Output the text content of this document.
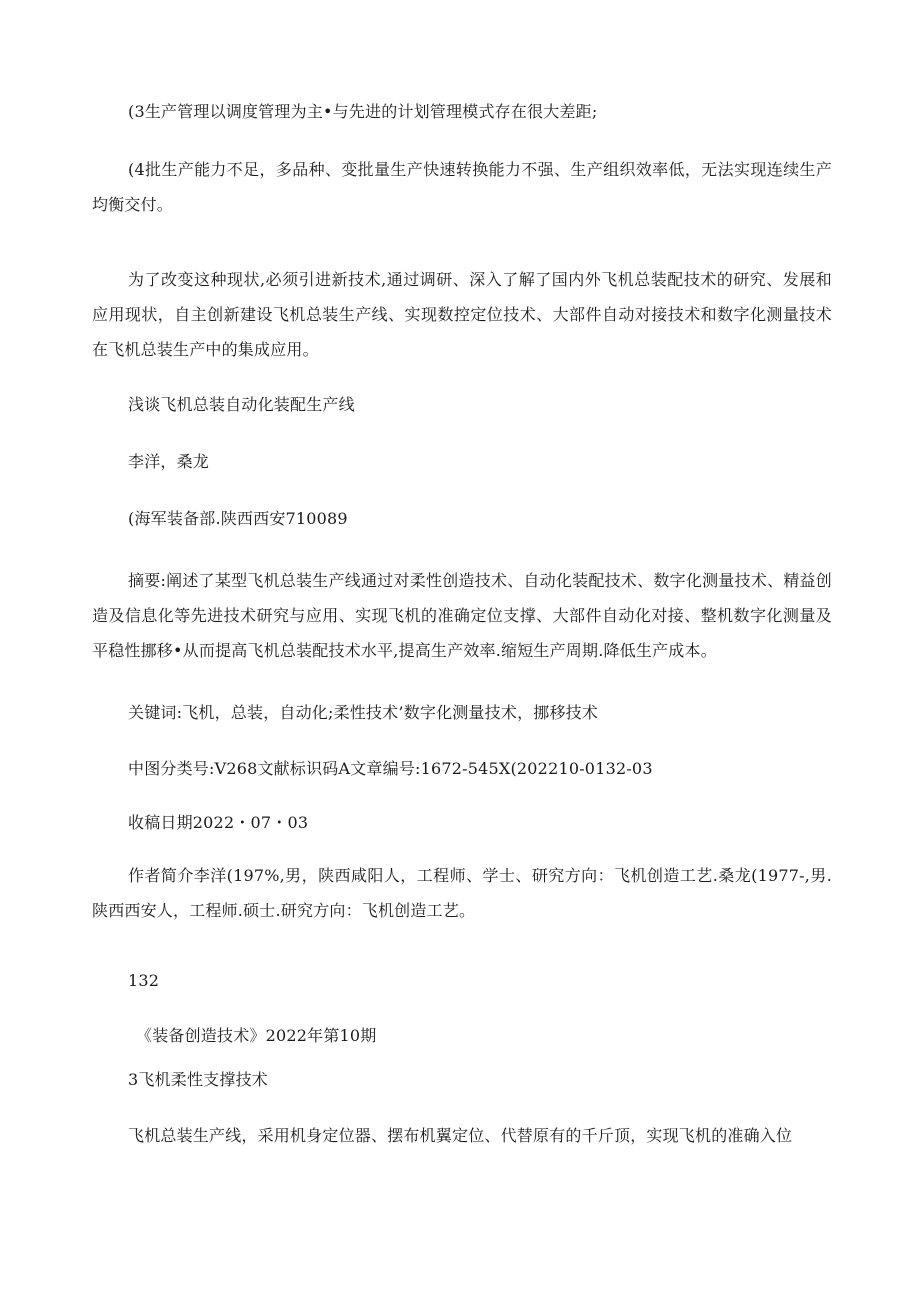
(3生产管理以调度管理为主•与先进的计划管理模式存在很大差距;
(4批生产能力不足，多品种、变批量生产快速转换能力不强、生产组织效率低，无法实现连续生产均衡交付。
为了改变这种现状,必须引进新技术,通过调研、深入了解了国内外飞机总装配技术的研究、发展和应用现状，自主创新建设飞机总装生产线、实现数控定位技术、大部件自动对接技术和数字化测量技术在飞机总装生产中的集成应用。
浅谈飞机总装自动化装配生产线
李洋，桑龙
(海军装备部.陕西西安710089
摘要:阐述了某型飞机总装生产线通过对柔性创造技术、自动化装配技术、数字化测量技术、精益创造及信息化等先进技术研究与应用、实现飞机的准确定位支撑、大部件自动化对接、整机数字化测量及平稳性挪移•从而提高飞机总装配技术水平,提高生产效率.缩短生产周期.降低生产成本。
关键词:飞机，总装，自动化;柔性技术’数字化测量技术，挪移技术
中图分类号:V268文献标识码A文章编号:1672-545X(202210-0132-03
收稿日期2022・07・03
作者简介李洋(197%,男，陕西咸阳人，工程师、学士、研究方向：飞机创造工艺.桑龙(1977-,男.陕西西安人，工程师.硕士.研究方向：飞机创造工艺。
132
《装备创造技术》2022年第10期
3飞机柔性支撑技术
飞机总装生产线，采用机身定位器、摆布机翼定位、代替原有的千斤顶，实现飞机的准确入位
